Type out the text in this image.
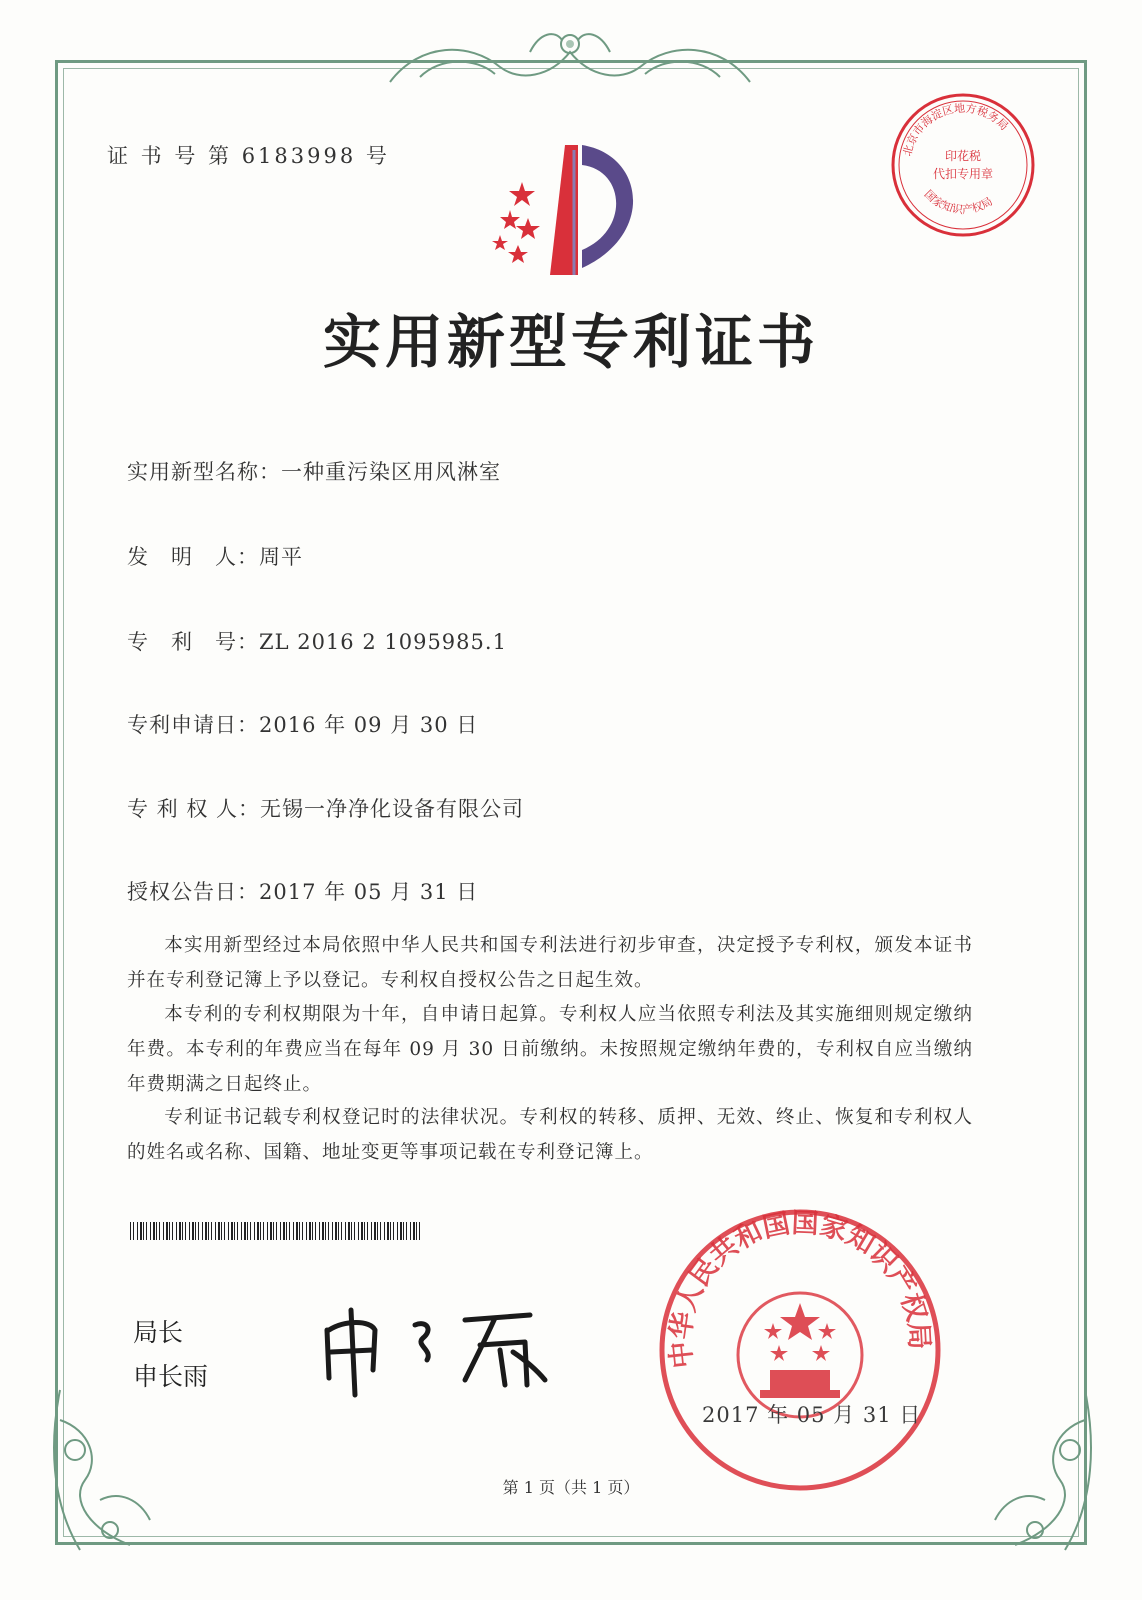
证 书 号 第 6183998 号	北京市海淀区地方税务局
国家知识产权局
印花税
代扣专用章
实用新型专利证书
实用新型名称：一种重污染区用风淋室
发　明　人：周平
专　利　号：ZL 2016 2 1095985.1
专利申请日：2016 年 09 月 30 日
专 利 权 人：无锡一净净化设备有限公司
授权公告日：2017 年 05 月 31 日
本实用新型经过本局依照中华人民共和国专利法进行初步审查，决定授予专利权，颁发本证书并在专利登记簿上予以登记。专利权自授权公告之日起生效。
本专利的专利权期限为十年，自申请日起算。专利权人应当依照专利法及其实施细则规定缴纳年费。本专利的年费应当在每年 09 月 30 日前缴纳。未按照规定缴纳年费的，专利权自应当缴纳年费期满之日起终止。
专利证书记载专利权登记时的法律状况。专利权的转移、质押、无效、终止、恢复和专利权人的姓名或名称、国籍、地址变更等事项记载在专利登记簿上。
局长
申长雨
中华人民共和国国家知识产权局
2017 年 05 月 31 日
第 1 页（共 1 页）
